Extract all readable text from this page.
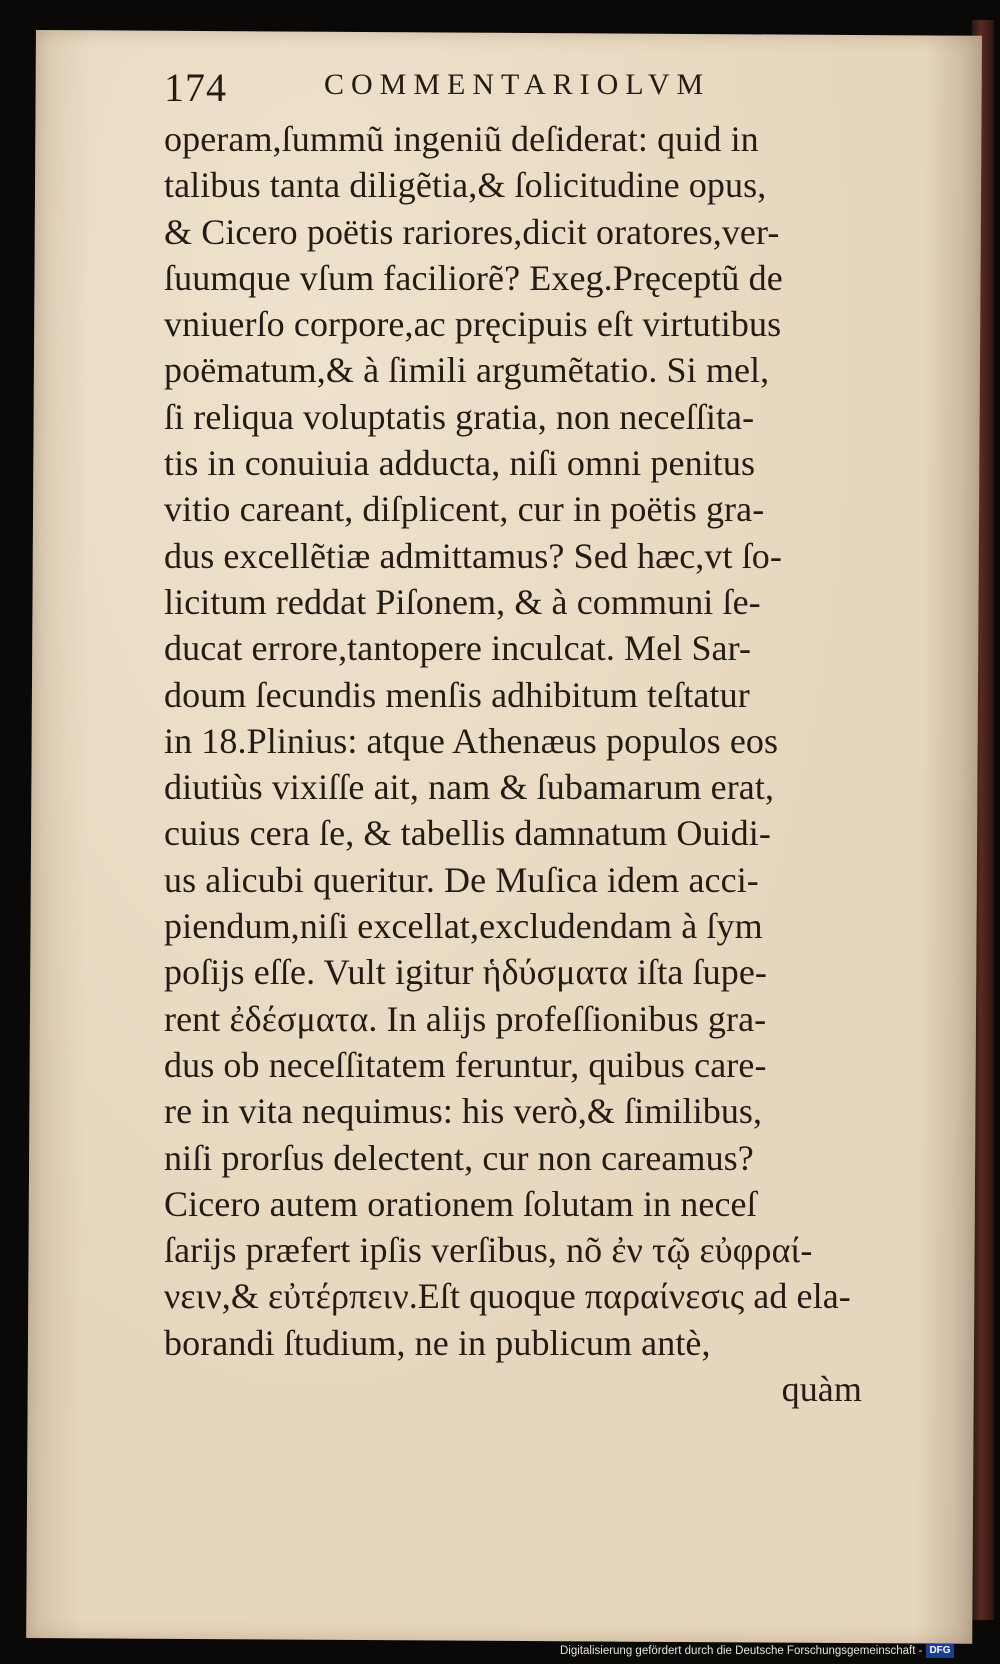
174	COMMENTARIOLVM
operam,ſummũ ingeniũ deſiderat: quid in
talibus tanta diligẽtia,& ſolicitudine opus,
& Cicero poëtis rariores,dicit oratores,ver-
ſuumque vſum faciliorẽ? Exeg.Pręceptũ de
vniuerſo corpore,ac pręcipuis eſt virtutibus
poëmatum,& à ſimili argumẽtatio. Si mel,
ſi reliqua voluptatis gratia, non neceſſita-
tis in conuiuia adducta, niſi omni penitus
vitio careant, diſplicent, cur in poëtis gra-
dus excellẽtiæ admittamus? Sed hæc,vt ſo-
licitum reddat Piſonem, & à communi ſe-
ducat errore,tantopere inculcat. Mel Sar-
doum ſecundis menſis adhibitum teſtatur
in 18.Plinius: atque Athenæus populos eos
diutiùs vixiſſe ait, nam & ſubamarum erat,
cuius cera ſe, & tabellis damnatum Ouidi-
us alicubi queritur. De Muſica idem acci-
piendum,niſi excellat,excludendam à ſym
poſijs eſſe. Vult igitur ἡδύσματα iſta ſupe-
rent ἐδέσματα. In alijs profeſſionibus gra-
dus ob neceſſitatem feruntur, quibus care-
re in vita nequimus: his verò,& ſimilibus,
niſi prorſus delectent, cur non careamus?
Cicero autem orationem ſolutam in neceſ
ſarijs præfert ipſis verſibus, nõ ἐν τῷ εὐφραί-
νειν,& εὐτέρπειν.Eſt quoque παραίνεσις ad ela-
borandi ſtudium, ne in publicum antè,
quàm
Digitalisierung gefördert durch die Deutsche Forschungsgemeinschaft - DFG
